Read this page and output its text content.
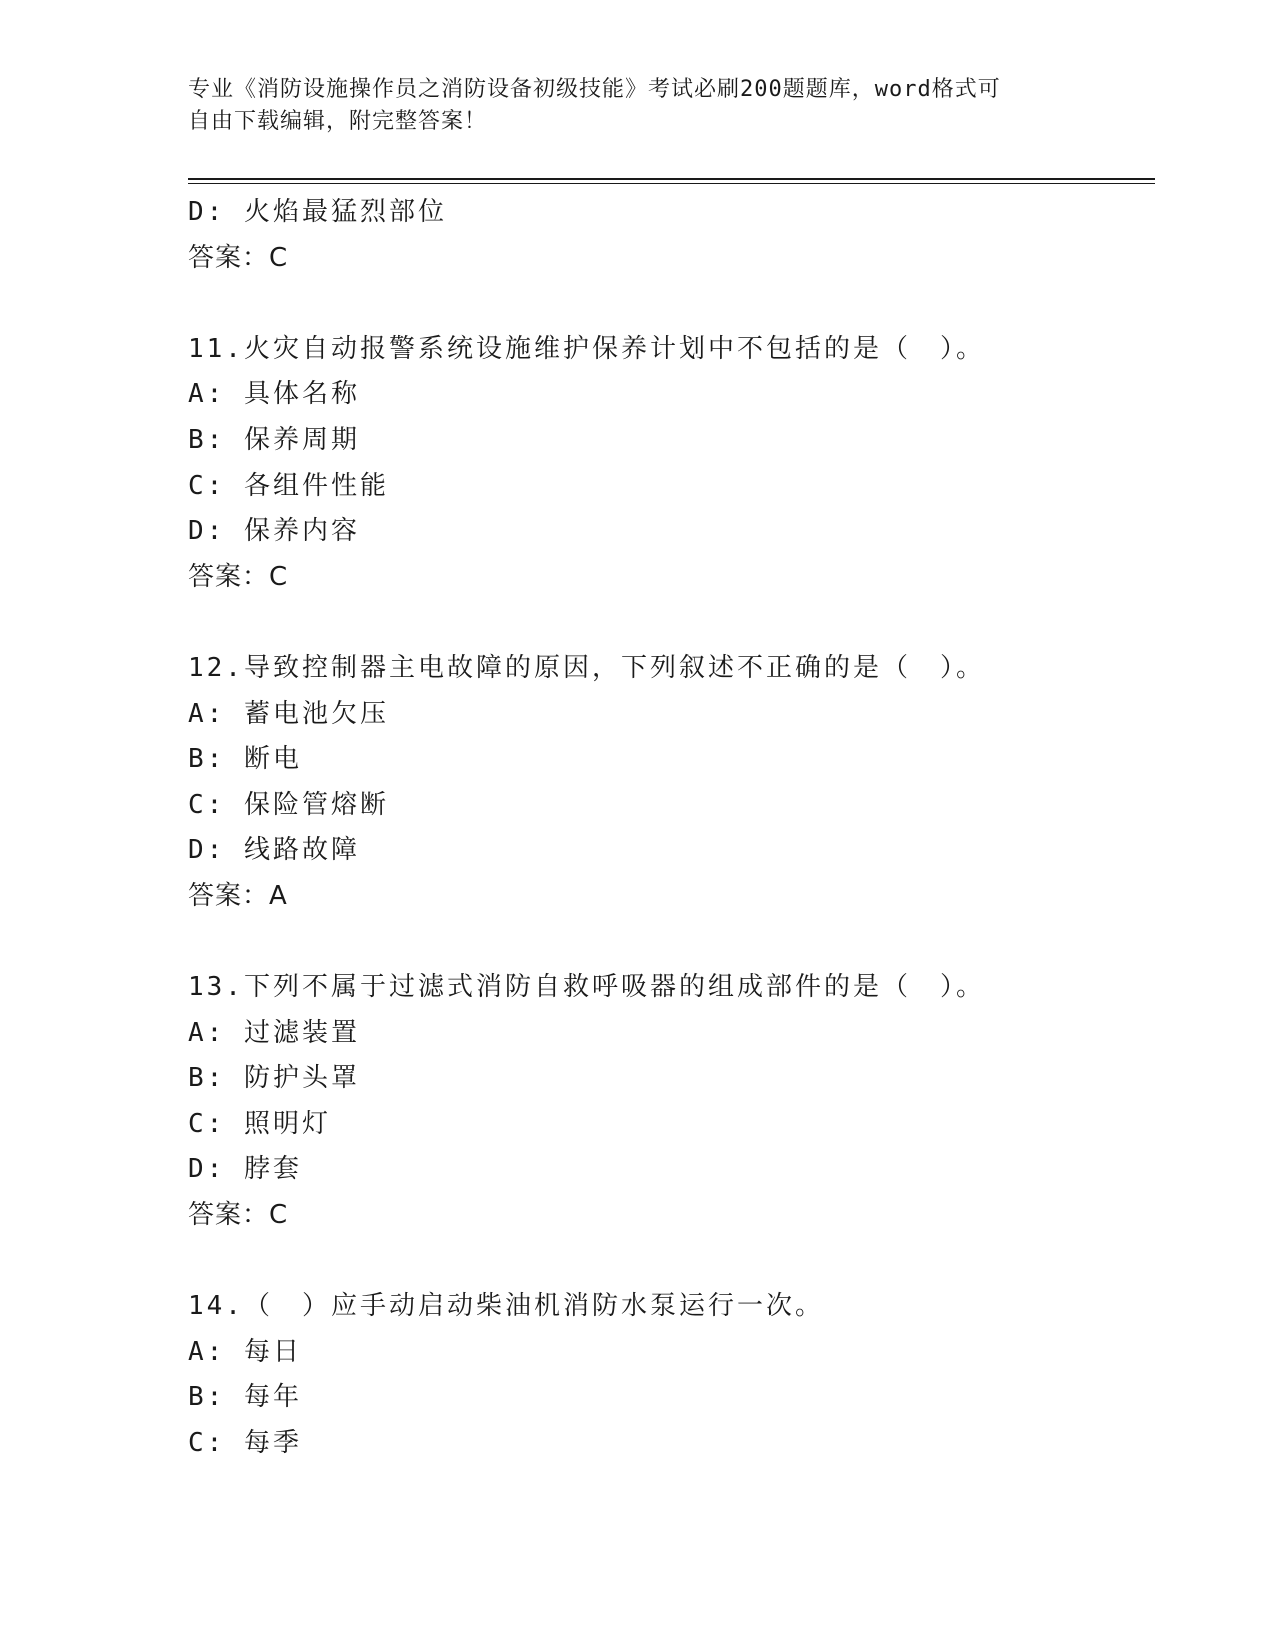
专业《消防设施操作员之消防设备初级技能》考试必刷200题题库，word格式可
自由下载编辑，附完整答案！
D: 火焰最猛烈部位
答案：C
11.火灾自动报警系统设施维护保养计划中不包括的是（　）。
A: 具体名称
B: 保养周期
C: 各组件性能
D: 保养内容
答案：C
12.导致控制器主电故障的原因，下列叙述不正确的是（　）。
A: 蓄电池欠压
B: 断电
C: 保险管熔断
D: 线路故障
答案：A
13.下列不属于过滤式消防自救呼吸器的组成部件的是（　）。
A: 过滤装置
B: 防护头罩
C: 照明灯
D: 脖套
答案：C
14.（　）应手动启动柴油机消防水泵运行一次。
A: 每日
B: 每年
C: 每季
